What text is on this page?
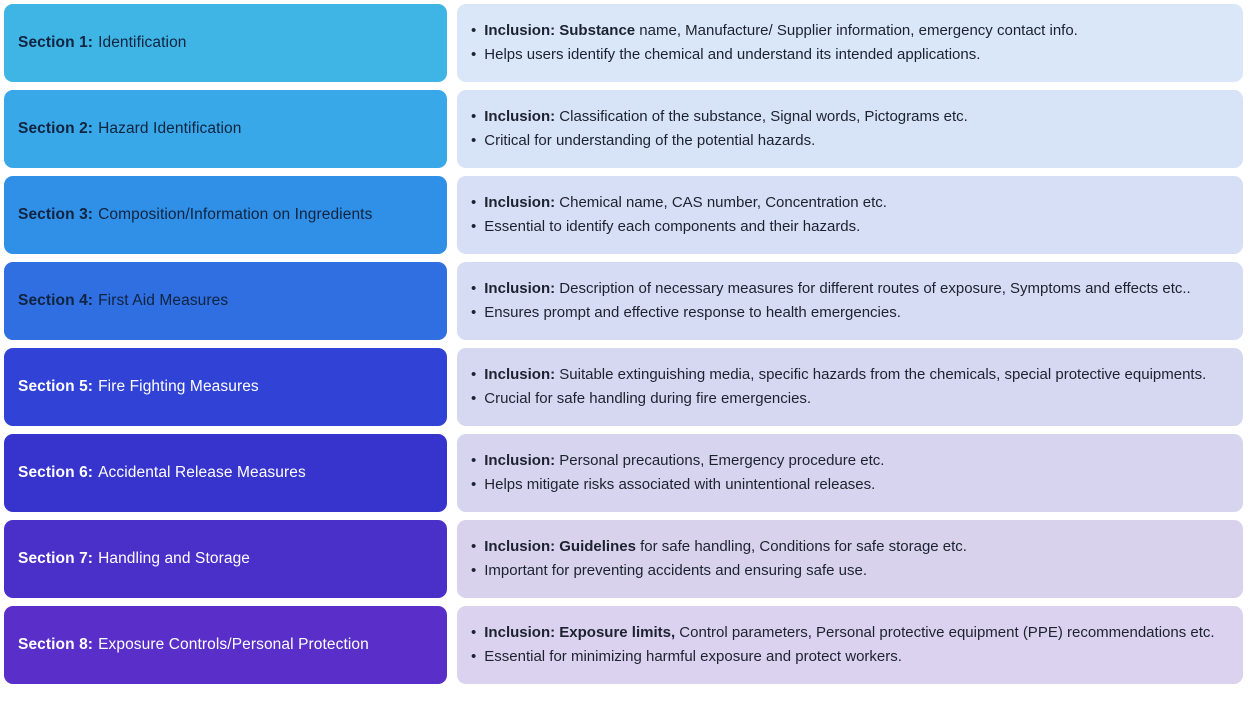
Section 1: Identification
• Inclusion: Substance name, Manufacture/ Supplier information, emergency contact info.
• Helps users identify the chemical and understand its intended applications.
Section 2: Hazard Identification
• Inclusion: Classification of the substance, Signal words, Pictograms etc.
• Critical for understanding of the potential hazards.
Section 3: Composition/Information on Ingredients
• Inclusion: Chemical name, CAS number, Concentration etc.
• Essential to identify each components and their hazards.
Section 4: First Aid Measures
• Inclusion: Description of necessary measures for different routes of exposure, Symptoms and effects etc..
• Ensures prompt and effective response to health emergencies.
Section 5: Fire Fighting Measures
• Inclusion: Suitable extinguishing media, specific hazards from the chemicals, special protective equipments.
• Crucial for safe handling during fire emergencies.
Section 6: Accidental Release Measures
• Inclusion: Personal precautions, Emergency procedure etc.
• Helps mitigate risks associated with unintentional releases.
Section 7: Handling and Storage
• Inclusion: Guidelines for safe handling, Conditions for safe storage etc.
• Important for preventing accidents and ensuring safe use.
Section 8: Exposure Controls/Personal Protection
• Inclusion: Exposure limits, Control parameters, Personal protective equipment (PPE) recommendations etc.
• Essential for minimizing harmful exposure and protect workers.
